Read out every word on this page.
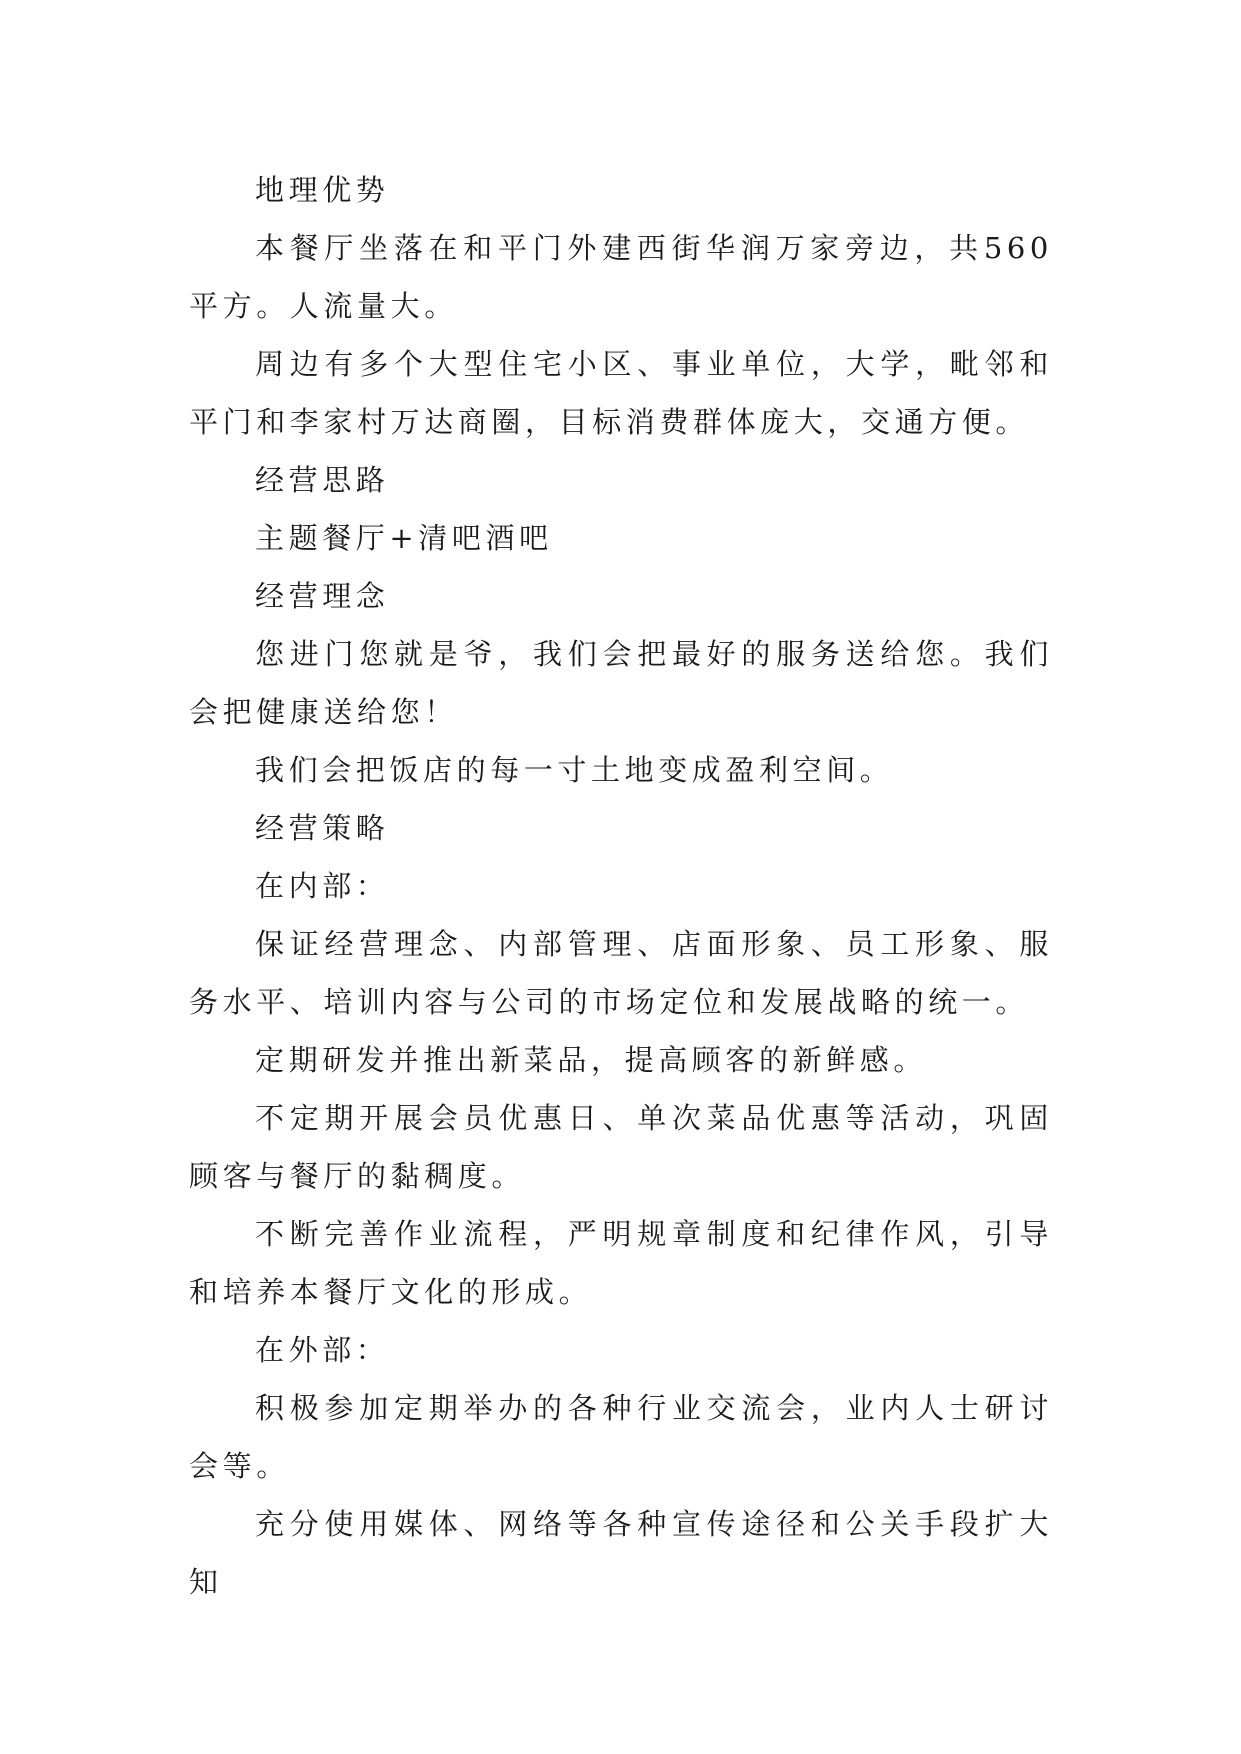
地理优势

本餐厅坐落在和平门外建西街华润万家旁边，共560平方。人流量大。

周边有多个大型住宅小区、事业单位，大学，毗邻和平门和李家村万达商圈，目标消费群体庞大，交通方便。

经营思路

主题餐厅+清吧酒吧

经营理念

您进门您就是爷，我们会把最好的服务送给您。我们会把健康送给您！

我们会把饭店的每一寸土地变成盈利空间。

经营策略

在内部：

保证经营理念、内部管理、店面形象、员工形象、服务水平、培训内容与公司的市场定位和发展战略的统一。

定期研发并推出新菜品，提高顾客的新鲜感。

不定期开展会员优惠日、单次菜品优惠等活动，巩固顾客与餐厅的黏稠度。

不断完善作业流程，严明规章制度和纪律作风，引导和培养本餐厅文化的形成。

在外部：

积极参加定期举办的各种行业交流会，业内人士研讨会等。

充分使用媒体、网络等各种宣传途径和公关手段扩大知
